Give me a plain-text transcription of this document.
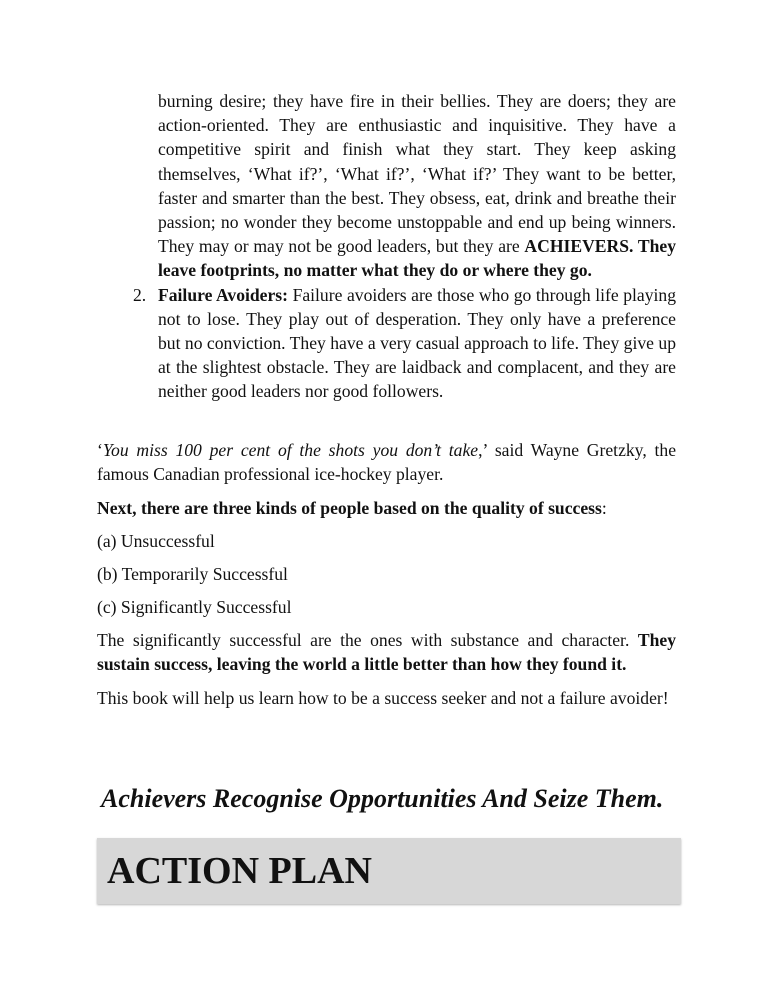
burning desire; they have fire in their bellies. They are doers; they are action-oriented. They are enthusiastic and inquisitive. They have a competitive spirit and finish what they start. They keep asking themselves, ‘What if?’, ‘What if?’, ‘What if?’ They want to be better, faster and smarter than the best. They obsess, eat, drink and breathe their passion; no wonder they become unstoppable and end up being winners. They may or may not be good leaders, but they are ACHIEVERS. They leave footprints, no matter what they do or where they go.

2. Failure Avoiders: Failure avoiders are those who go through life playing not to lose. They play out of desperation. They only have a preference but no conviction. They have a very casual approach to life. They give up at the slightest obstacle. They are laidback and complacent, and they are neither good leaders nor good followers.

‘You miss 100 per cent of the shots you don’t take,’ said Wayne Gretzky, the famous Canadian professional ice-hockey player.

Next, there are three kinds of people based on the quality of success:

(a) Unsuccessful

(b) Temporarily Successful

(c) Significantly Successful

The significantly successful are the ones with substance and character. They sustain success, leaving the world a little better than how they found it.

This book will help us learn how to be a success seeker and not a failure avoider!

Achievers Recognise Opportunities And Seize Them.
ACTION PLAN
